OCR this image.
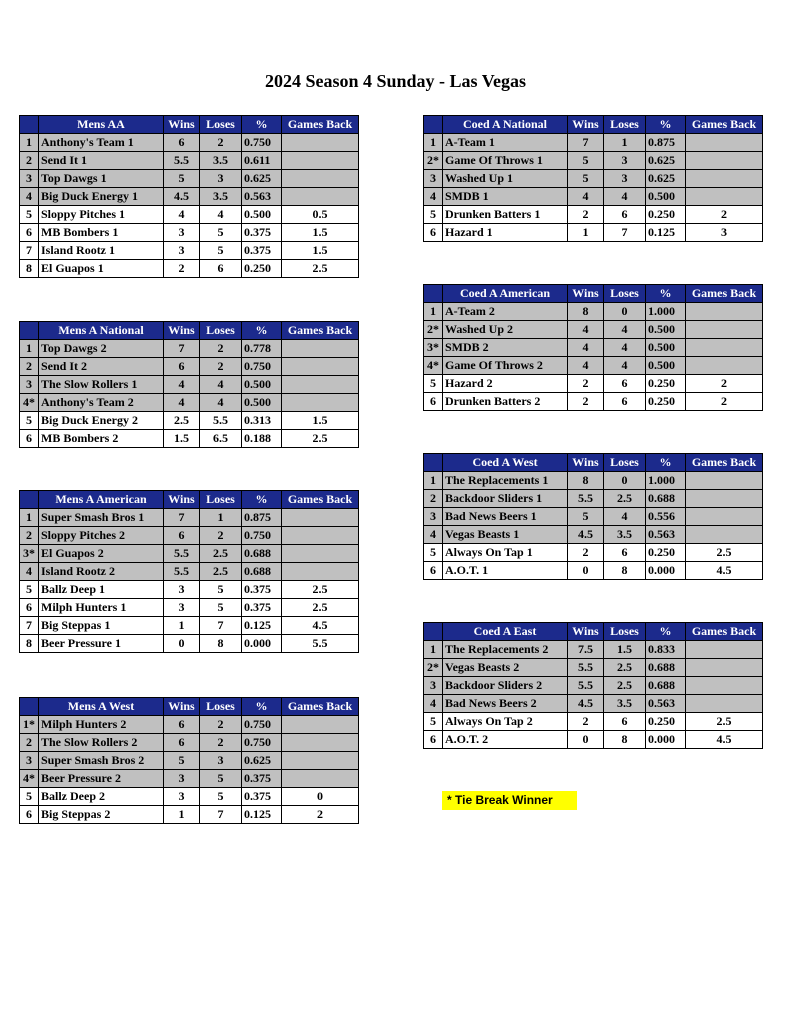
2024 Season 4 Sunday - Las Vegas
	Mens AA	Wins	Loses	%	Games Back
1	Anthony's Team 1	6	2	0.750	
2	Send It 1	5.5	3.5	0.611	
3	Top Dawgs 1	5	3	0.625	
4	Big Duck Energy 1	4.5	3.5	0.563	
5	Sloppy Pitches 1	4	4	0.500	0.5
6	MB Bombers 1	3	5	0.375	1.5
7	Island Rootz 1	3	5	0.375	1.5
8	El Guapos 1	2	6	0.250	2.5
	Mens A National	Wins	Loses	%	Games Back
1	Top Dawgs 2	7	2	0.778	
2	Send It 2	6	2	0.750	
3	The Slow Rollers 1	4	4	0.500	
4*	Anthony's Team 2	4	4	0.500	
5	Big Duck Energy 2	2.5	5.5	0.313	1.5
6	MB Bombers 2	1.5	6.5	0.188	2.5
	Mens A American	Wins	Loses	%	Games Back
1	Super Smash Bros 1	7	1	0.875	
2	Sloppy Pitches 2	6	2	0.750	
3*	El Guapos 2	5.5	2.5	0.688	
4	Island Rootz 2	5.5	2.5	0.688	
5	Ballz Deep 1	3	5	0.375	2.5
6	Milph Hunters 1	3	5	0.375	2.5
7	Big Steppas 1	1	7	0.125	4.5
8	Beer Pressure 1	0	8	0.000	5.5
	Mens A West	Wins	Loses	%	Games Back
1*	Milph Hunters 2	6	2	0.750	
2	The Slow Rollers 2	6	2	0.750	
3	Super Smash Bros 2	5	3	0.625	
4*	Beer Pressure 2	3	5	0.375	
5	Ballz Deep 2	3	5	0.375	0
6	Big Steppas 2	1	7	0.125	2
	Coed A National	Wins	Loses	%	Games Back
1	A-Team 1	7	1	0.875	
2*	Game Of Throws 1	5	3	0.625	
3	Washed Up 1	5	3	0.625	
4	SMDB 1	4	4	0.500	
5	Drunken Batters 1	2	6	0.250	2
6	Hazard 1	1	7	0.125	3
	Coed A American	Wins	Loses	%	Games Back
1	A-Team 2	8	0	1.000	
2*	Washed Up 2	4	4	0.500	
3*	SMDB 2	4	4	0.500	
4*	Game Of Throws 2	4	4	0.500	
5	Hazard 2	2	6	0.250	2
6	Drunken Batters 2	2	6	0.250	2
	Coed A West	Wins	Loses	%	Games Back
1	The Replacements 1	8	0	1.000	
2	Backdoor Sliders 1	5.5	2.5	0.688	
3	Bad News Beers 1	5	4	0.556	
4	Vegas Beasts 1	4.5	3.5	0.563	
5	Always On Tap 1	2	6	0.250	2.5
6	A.O.T. 1	0	8	0.000	4.5
	Coed A East	Wins	Loses	%	Games Back
1	The Replacements 2	7.5	1.5	0.833	
2*	Vegas Beasts 2	5.5	2.5	0.688	
3	Backdoor Sliders 2	5.5	2.5	0.688	
4	Bad News Beers 2	4.5	3.5	0.563	
5	Always On Tap 2	2	6	0.250	2.5
6	A.O.T. 2	0	8	0.000	4.5
* Tie Break Winner
